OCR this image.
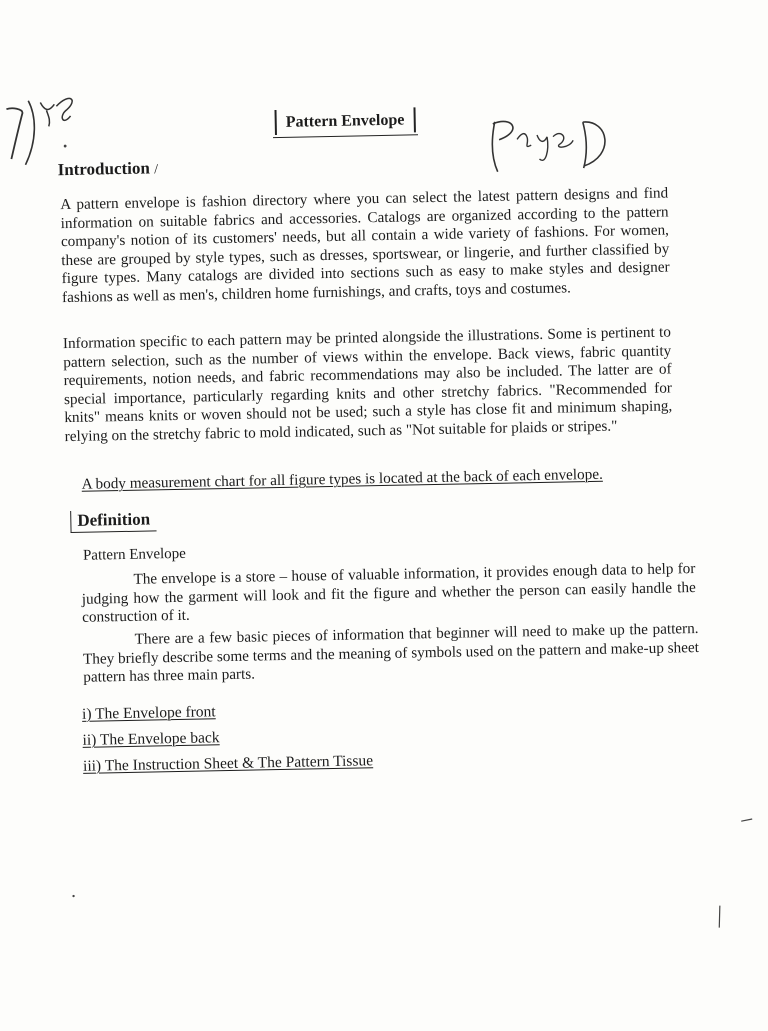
Pattern Envelope
Introduction /
A pattern envelope is fashion directory where you can select the latest pattern designs and find information on suitable fabrics and accessories. Catalogs are organized according to the pattern company's notion of its customers' needs, but all contain a wide variety of fashions. For women, these are grouped by style types, such as dresses, sportswear, or lingerie, and further classified by figure types. Many catalogs are divided into sections such as easy to make styles and designer fashions as well as men's, children home furnishings, and crafts, toys and costumes.
Information specific to each pattern may be printed alongside the illustrations. Some is pertinent to pattern selection, such as the number of views within the envelope. Back views, fabric quantity requirements, notion needs, and fabric recommendations may also be included. The latter are of special importance, particularly regarding knits and other stretchy fabrics. "Recommended for knits" means knits or woven should not be used; such a style has close fit and minimum shaping, relying on the stretchy fabric to mold indicated, such as "Not suitable for plaids or stripes."
A body measurement chart for all figure types is located at the back of each envelope.
Definition
Pattern Envelope
The envelope is a store – house of valuable information, it provides enough data to help for judging how the garment will look and fit the figure and whether the person can easily handle the construction of it.
There are a few basic pieces of information that beginner will need to make up the pattern. They briefly describe some terms and the meaning of symbols used on the pattern and make-up sheet pattern has three main parts.
i) The Envelope front
ii) The Envelope back
iii) The Instruction Sheet & The Pattern Tissue
